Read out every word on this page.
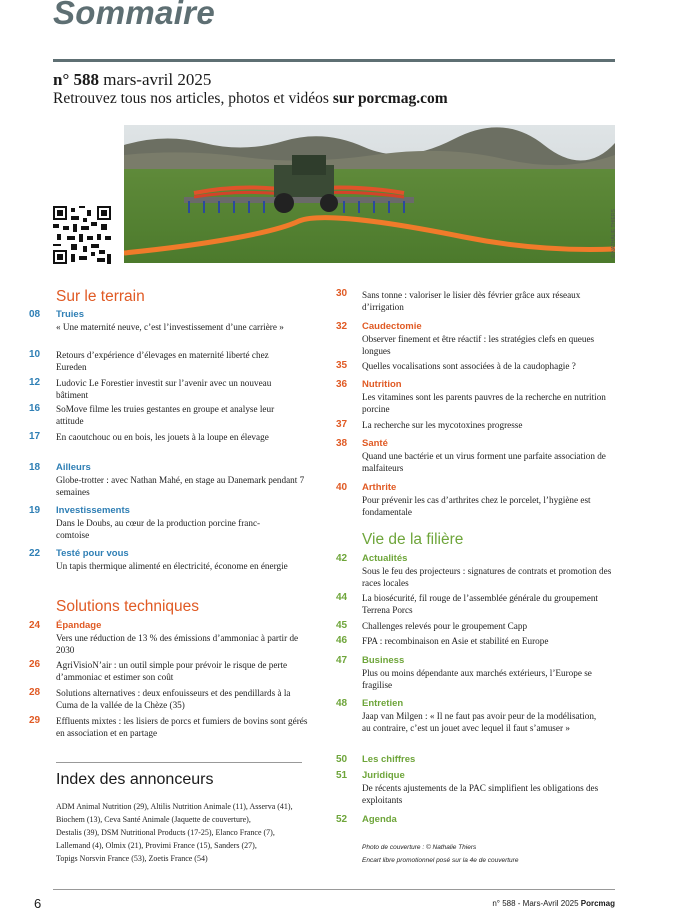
Sommaire
n° 588 mars-avril 2025
Retrouvez tous nos articles, photos et vidéos sur porcmag.com
© NATHALIE THIERS
Sur le terrain
08 Truies
« Une maternité neuve, c’est l’investissement d’une carrière »
10 Retours d’expérience d’élevages en maternité liberté chez Eureden
12 Ludovic Le Forestier investit sur l’avenir avec un nouveau bâtiment
16 SoMove filme les truies gestantes en groupe et analyse leur attitude
17 En caoutchouc ou en bois, les jouets à la loupe en élevage
18 Ailleurs
Globe-trotter : avec Nathan Mahé, en stage au Danemark pendant 7 semaines
19 Investissements
Dans le Doubs, au cœur de la production porcine franc-comtoise
22 Testé pour vous
Un tapis thermique alimenté en électricité, économe en énergie
Solutions techniques
24 Épandage
Vers une réduction de 13 % des émissions d’ammoniac à partir de 2030
26 AgriVisioN’air : un outil simple pour prévoir le risque de perte d’ammoniac et estimer son coût
28 Solutions alternatives : deux enfouisseurs et des pendillards à la Cuma de la vallée de la Chèze (35)
29 Effluents mixtes : les lisiers de porcs et fumiers de bovins sont gérés en association et en partage
Index des annonceurs
ADM Animal Nutrition (29), Altilis Nutrition Animale (11), Asserva (41),
Biochem (13), Ceva Santé Animale (Jaquette de couverture),
Destalis (39), DSM Nutritional Products (17-25), Elanco France (7),
Lallemand (4), Olmix (21), Provimi France (15), Sanders (27),
Topigs Norsvin France (53), Zoetis France (54)
30 Sans tonne : valoriser le lisier dès février grâce aux réseaux d’irrigation
32 Caudectomie
Observer finement et être réactif : les stratégies clefs en queues longues
35 Quelles vocalisations sont associées à de la caudophagie ?
36 Nutrition
Les vitamines sont les parents pauvres de la recherche en nutrition porcine
37 La recherche sur les mycotoxines progresse
38 Santé
Quand une bactérie et un virus forment une parfaite association de malfaiteurs
40 Arthrite
Pour prévenir les cas d’arthrites chez le porcelet, l’hygiène est fondamentale
Vie de la filière
42 Actualités
Sous le feu des projecteurs : signatures de contrats et promotion des races locales
44 La biosécurité, fil rouge de l’assemblée générale du groupement Terrena Porcs
45 Challenges relevés pour le groupement Capp
46 FPA : recombinaison en Asie et stabilité en Europe
47 Business
Plus ou moins dépendante aux marchés extérieurs, l’Europe se fragilise
48 Entretien
Jaap van Milgen : « Il ne faut pas avoir peur de la modélisation, au contraire, c’est un jouet avec lequel il faut s’amuser »
50 Les chiffres
51 Juridique
De récents ajustements de la PAC simplifient les obligations des exploitants
52 Agenda
Photo de couverture : © Nathalie Thiers
Encart libre promotionnel posé sur la 4e de couverture
6	n° 588 - Mars-Avril 2025 Porcmag
